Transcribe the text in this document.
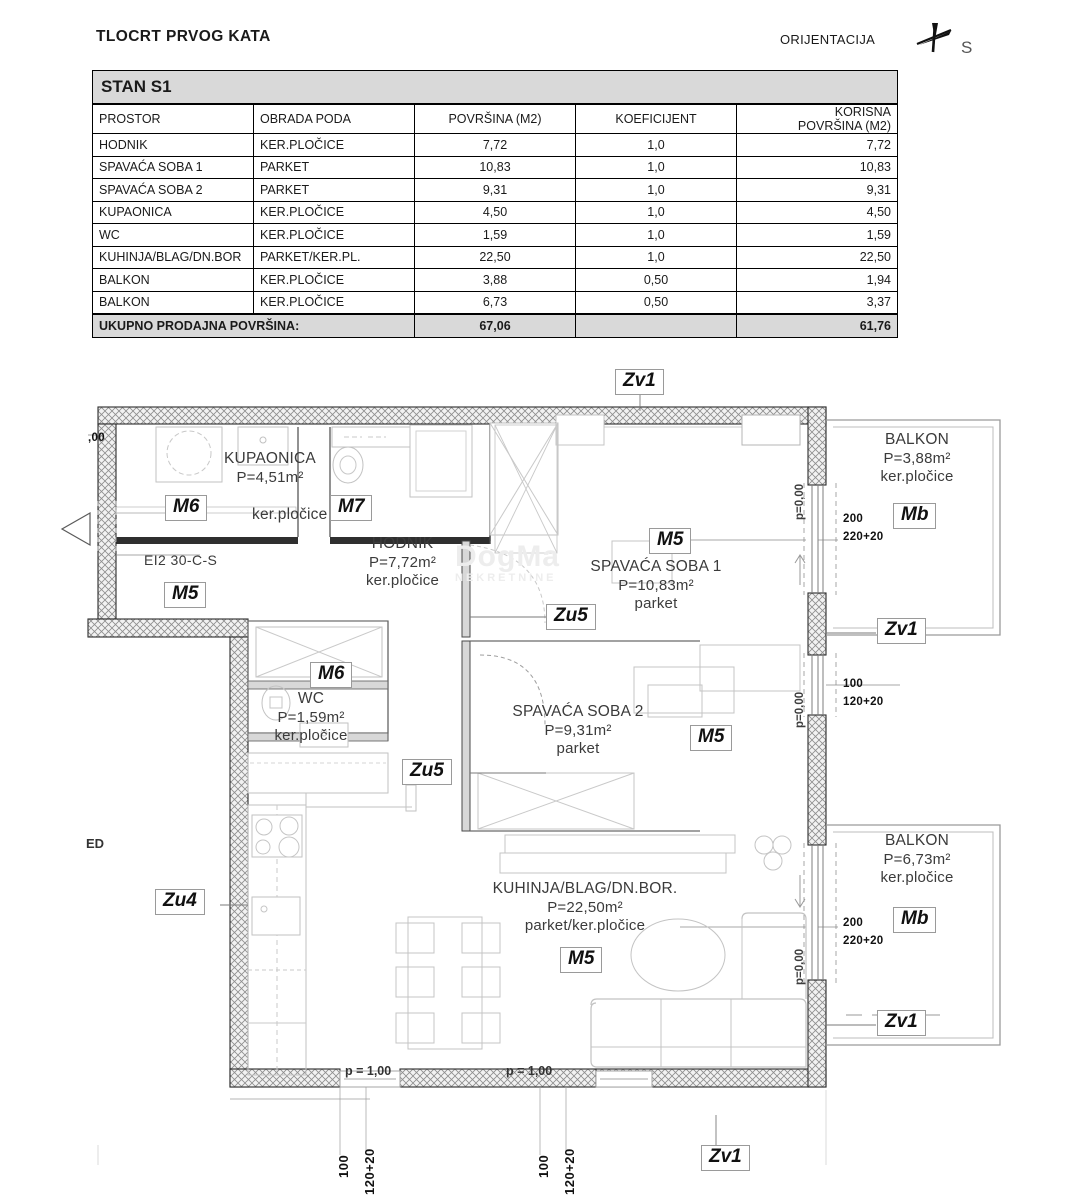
TLOCRT PRVOG KATA	ORIJENTACIJA	S
STAN S1				
PROSTOR	OBRADA PODA	POVRŠINA (M2)	KOEFICIJENT	KORISNA
POVRŠINA (M2)

HODNIK	KER.PLOČICE	7,72	1,0	7,72
SPAVAĆA SOBA 1	PARKET	10,83	1,0	10,83
SPAVAĆA SOBA 2	PARKET	9,31	1,0	9,31
KUPAONICA	KER.PLOČICE	4,50	1,0	4,50
WC	KER.PLOČICE	1,59	1,0	1,59
KUHINJA/BLAG/DN.BOR	PARKET/KER.PL.	22,50	1,0	22,50
BALKON	KER.PLOČICE	3,88	0,50	1,94
BALKON	KER.PLOČICE	6,73	0,50	3,37
UKUPNO PRODAJNA POVRŠINA:		67,06		61,76
KUPAONICA
P=4,51m²
ker.pločice
HODNIK
P=7,72m²
ker.pločice
SPAVAĆA SOBA 1
P=10,83m²
parket
SPAVAĆA SOBA 2
P=9,31m²
parket
WC
P=1,59m²
ker.pločice
KUHINJA/BLAG/DN.BOR.
P=22,50m²
parket/ker.pločice
BALKON
P=3,88m²
ker.pločice
BALKON
P=6,73m²
ker.pločice
Zv1
Zv1
Zv1
Zv1
Zu5
Zu5
Zu4
M5
M5
M5
M5
M6
M6
M7	Mb
Mb
200
220+20
200
220+20
100
120+20
p=0,00
p=0,00
p=0,00
p = 1,00	p = 1,00
100 120+20	100 120+20
EI2 30-C-S
ED
,00
DogMa
NEKRETNINE
